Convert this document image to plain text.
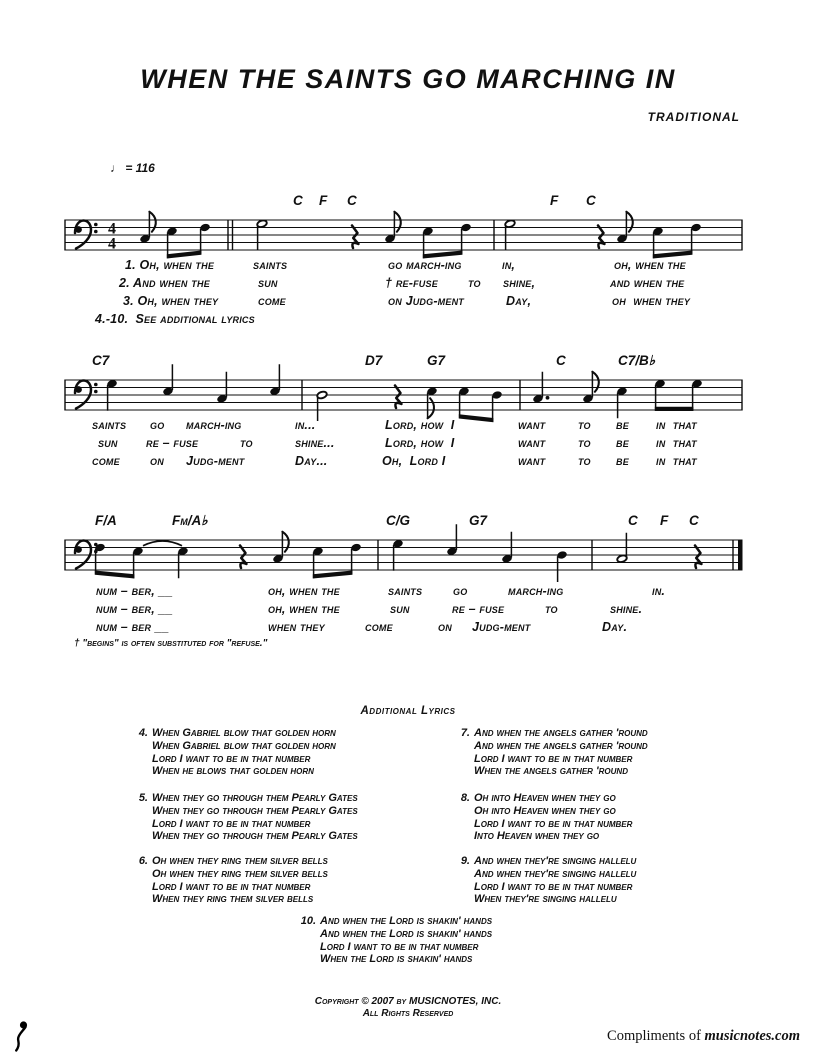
WHEN THE SAINTS GO MARCHING IN
TRADITIONAL
♩ = 116
C F C	F C
4
4
C7	D7	G7	C	C7/B♭
F/A	Fm/A♭	C/G	G7	C F C
1. Oh, when the	saints	go march-ing	in,	oh, when the
2. And when the	sun	† re-fuse to shine,	and when the
3. Oh, when they	come	on Judg-ment	Day,	oh  when they
4.-10.  See additional lyrics
saints go march-ing	in...	Lord, how  I	want	to be in  that
sun re – fuse	to	shine...	Lord, how  I	want	to be in  that
come on Judg-ment	Day...	Oh,  Lord I	want	to be in  that
num – ber, __	oh, when the	saints go	march-ing	in.
num – ber, __	oh, when the	sun	re – fuse	to	shine.
num – ber __	when they	come	on Judg-ment	Day.
† "begins" is often substituted for "refuse."
Additional Lyrics
4. When Gabriel blow that golden horn
When Gabriel blow that golden horn
Lord I want to be in that number
When he blows that golden horn
5. When they go through them Pearly Gates
When they go through them Pearly Gates
Lord I want to be in that number
When they go through them Pearly Gates
6. Oh when they ring them silver bells
Oh when they ring them silver bells
Lord I want to be in that number
When they ring them silver bells
7. And when the angels gather 'round
And when the angels gather 'round
Lord I want to be in that number
When the angels gather 'round
8. Oh into Heaven when they go
Oh into Heaven when they go
Lord I want to be in that number
Into Heaven when they go
9. And when they're singing hallelu
And when they're singing hallelu
Lord I want to be in that number
When they're singing hallelu
10. And when the Lord is shakin' hands
And when the Lord is shakin' hands
Lord I want to be in that number
When the Lord is shakin' hands
Copyright © 2007 by MUSICNOTES, INC.
All Rights Reserved
Compliments of musicnotes.com
